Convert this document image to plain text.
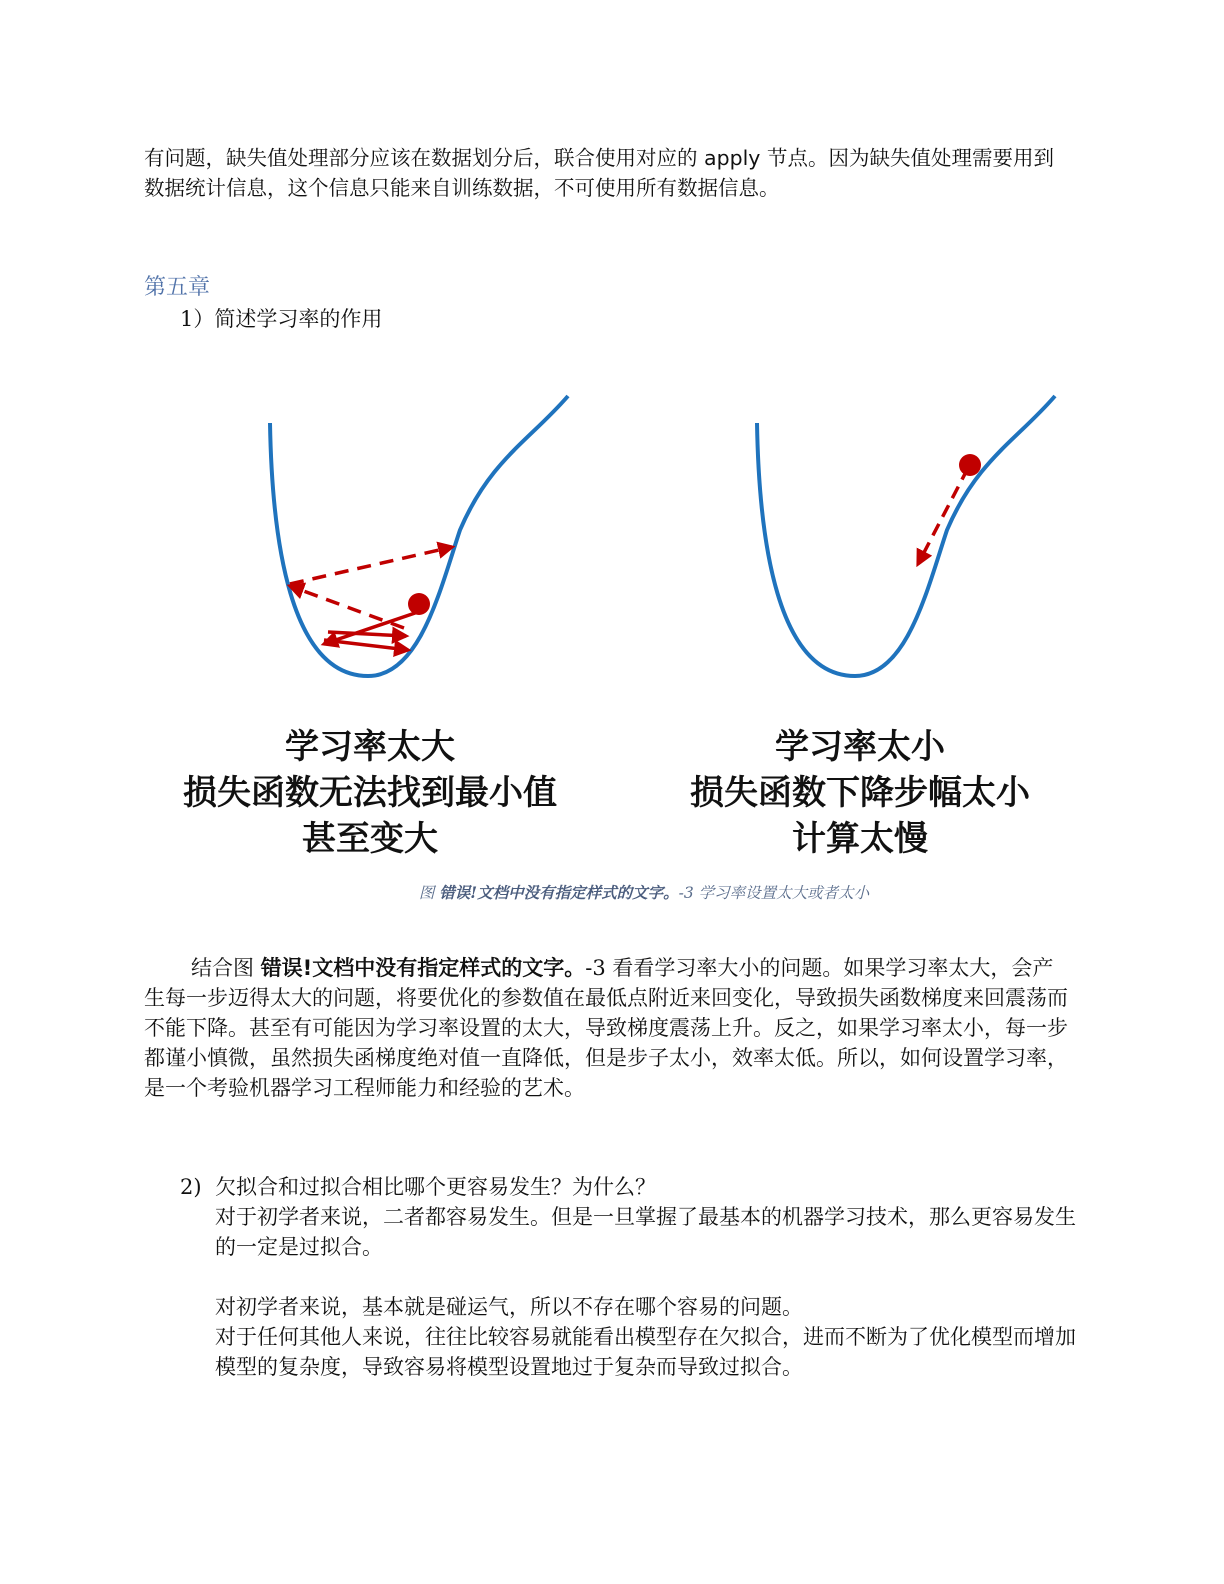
有问题，缺失值处理部分应该在数据划分后，联合使用对应的 apply 节点。因为缺失值处理需要用到数据统计信息，这个信息只能来自训练数据，不可使用所有数据信息。

第五章
1）简述学习率的作用
学习率太大
损失函数无法找到最小值
甚至变大
学习率太小
损失函数下降步幅太小
计算太慢
图 错误!文档中没有指定样式的文字。-3 学习率设置太大或者太小

结合图 错误!文档中没有指定样式的文字。-3 看看学习率大小的问题。如果学习率太大，会产生每一步迈得太大的问题，将要优化的参数值在最低点附近来回变化，导致损失函数梯度来回震荡而不能下降。甚至有可能因为学习率设置的太大，导致梯度震荡上升。反之，如果学习率太小，每一步都谨小慎微，虽然损失函梯度绝对值一直降低，但是步子太小，效率太低。所以，如何设置学习率，是一个考验机器学习工程师能力和经验的艺术。

2) 欠拟合和过拟合相比哪个更容易发生？为什么？

对于初学者来说，二者都容易发生。但是一旦掌握了最基本的机器学习技术，那么更容易发生的一定是过拟合。

对初学者来说，基本就是碰运气，所以不存在哪个容易的问题。

对于任何其他人来说，往往比较容易就能看出模型存在欠拟合，进而不断为了优化模型而增加模型的复杂度，导致容易将模型设置地过于复杂而导致过拟合。
